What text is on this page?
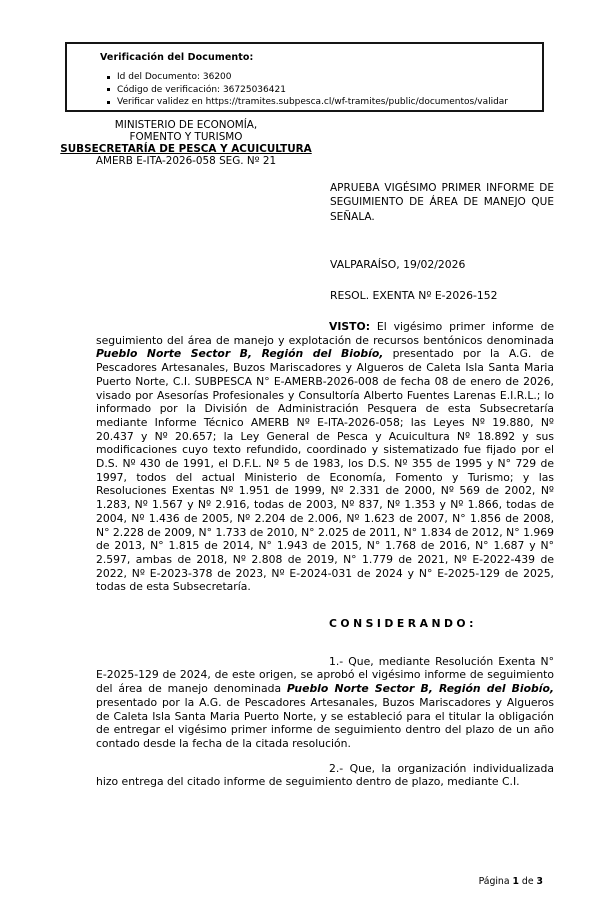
Verificación del Documento:
Id del Documento: 36200
Código de verificación: 36725036421
Verificar validez en https://tramites.subpesca.cl/wf-tramites/public/documentos/validar
MINISTERIO DE ECONOMÍA,
FOMENTO Y TURISMO
SUBSECRETARÍA DE PESCA Y ACUICULTURA
AMERB E-ITA-2026-058 SEG. Nº 21
APRUEBA VIGÉSIMO PRIMER INFORME DE SEGUIMIENTO DE ÁREA DE MANEJO QUE SEÑALA.
VALPARAÍSO, 19/02/2026
RESOL. EXENTA Nº E-2026-152

VISTO: El vigésimo primer informe de seguimiento del área de manejo y explotación de recursos bentónicos denominada Pueblo Norte Sector B, Región del Biobío, presentado por la A.G. de Pescadores Artesanales, Buzos Mariscadores y Algueros de Caleta Isla Santa Maria Puerto Norte, C.I. SUBPESCA N° E-AMERB-2026-008 de fecha 08 de enero de 2026, visado por Asesorías Profesionales y Consultoría Alberto Fuentes Larenas E.I.R.L.; lo informado por la División de Administración Pesquera de esta Subsecretaría mediante Informe Técnico AMERB Nº E-ITA-2026-058; las Leyes Nº 19.880, Nº 20.437 y Nº 20.657; la Ley General de Pesca y Acuicultura Nº 18.892 y sus modificaciones cuyo texto refundido, coordinado y sistematizado fue fijado por el D.S. Nº 430 de 1991, el D.F.L. Nº 5 de 1983, los D.S. Nº 355 de 1995 y N° 729 de 1997, todos del actual Ministerio de Economía, Fomento y Turismo; y las Resoluciones Exentas Nº 1.951 de 1999, Nº 2.331 de 2000, Nº 569 de 2002, Nº 1.283, Nº 1.567 y Nº 2.916, todas de 2003, Nº 837, Nº 1.353 y Nº 1.866, todas de 2004, Nº 1.436 de 2005, Nº 2.204 de 2.006, Nº 1.623 de 2007, N° 1.856 de 2008, N° 2.228 de 2009, N° 1.733 de 2010, N° 2.025 de 2011, N° 1.834 de 2012, N° 1.969 de 2013, N° 1.815 de 2014, N° 1.943 de 2015, N° 1.768 de 2016, N° 1.687 y N° 2.597, ambas de 2018, Nº 2.808 de 2019, N° 1.779 de 2021, Nº E-2022-439 de 2022, Nº E-2023-378 de 2023, Nº E-2024-031 de 2024 y N° E-2025-129 de 2025, todas de esta Subsecretaría.

CONSIDERANDO:

1.- Que, mediante Resolución Exenta N° E-2025-129 de 2024, de este origen, se aprobó el vigésimo informe de seguimiento del área de manejo denominada Pueblo Norte Sector B, Región del Biobío, presentado por la A.G. de Pescadores Artesanales, Buzos Mariscadores y Algueros de Caleta Isla Santa Maria Puerto Norte, y se estableció para el titular la obligación de entregar el vigésimo primer informe de seguimiento dentro del plazo de un año contado desde la fecha de la citada resolución.

2.- Que, la organización individualizada hizo entrega del citado informe de seguimiento dentro de plazo, mediante C.I.

Página 1 de 3
